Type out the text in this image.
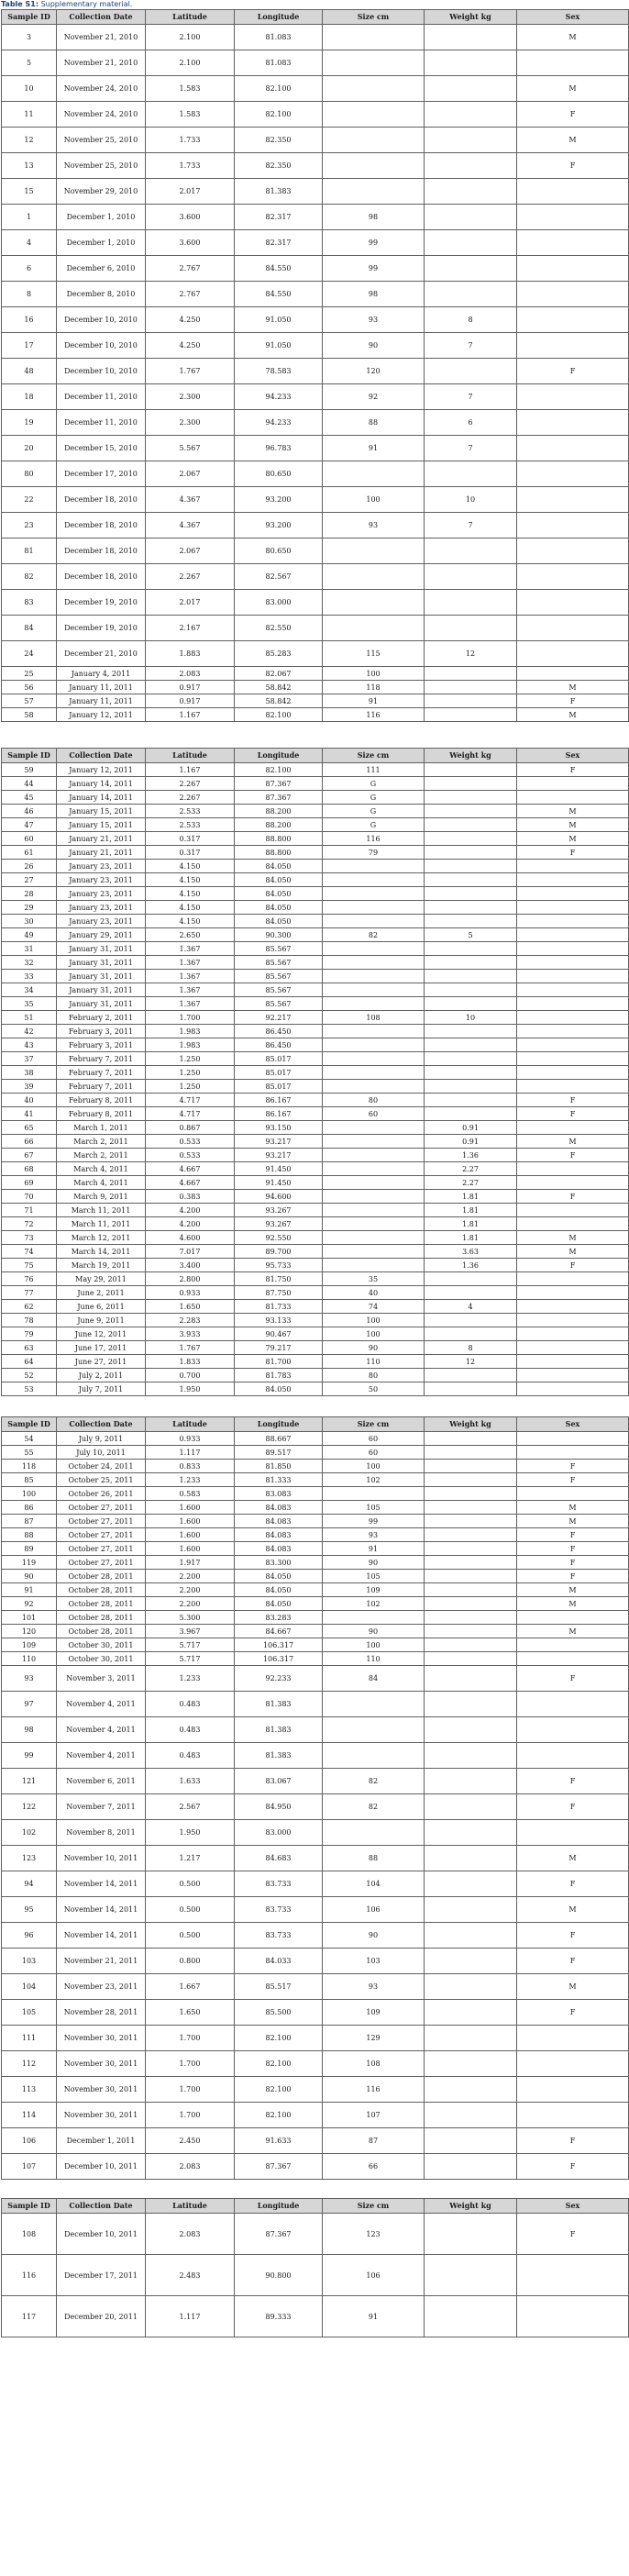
Table S1: Supplementary material.
Sample ID	Collection Date	Latitude	Longitude	Size cm	Weight kg	Sex
3	November 21, 2010	2.100	81.083			M
5	November 21, 2010	2.100	81.083			
10	November 24, 2010	1.583	82.100			M
11	November 24, 2010	1.583	82.100			F
12	November 25, 2010	1.733	82.350			M
13	November 25, 2010	1.733	82.350			F
15	November 29, 2010	2.017	81.383			
1	December 1, 2010	3.600	82.317	98		
4	December 1, 2010	3.600	82.317	99		
6	December 6, 2010	2.767	84.550	99		
8	December 8, 2010	2.767	84.550	98		
16	December 10, 2010	4.250	91.050	93	8	
17	December 10, 2010	4.250	91.050	90	7	
48	December 10, 2010	1.767	78.583	120		F
18	December 11, 2010	2.300	94.233	92	7	
19	December 11, 2010	2.300	94.233	88	6	
20	December 15, 2010	5.567	96.783	91	7	
80	December 17, 2010	2.067	80.650			
22	December 18, 2010	4.367	93.200	100	10	
23	December 18, 2010	4.367	93.200	93	7	
81	December 18, 2010	2.067	80.650			
82	December 18, 2010	2.267	82.567			
83	December 19, 2010	2.017	83.000			
84	December 19, 2010	2.167	82.550			
24	December 21, 2010	1.883	85.283	115	12	
25	January 4, 2011	2.083	82.067	100		
56	January 11, 2011	0.917	58.842	118		M
57	January 11, 2011	0.917	58.842	91		F
58	January 12, 2011	1.167	82.100	116		M
Sample ID	Collection Date	Latitude	Longitude	Size cm	Weight kg	Sex
59	January 12, 2011	1.167	82.100	111		F
44	January 14, 2011	2.267	87.367	G		
45	January 14, 2011	2.267	87.367	G		
46	January 15, 2011	2.533	88.200	G		M
47	January 15, 2011	2.533	88.200	G		M
60	January 21, 2011	0.317	88.800	116		M
61	January 21, 2011	0.317	88.800	79		F
26	January 23, 2011	4.150	84.050			
27	January 23, 2011	4.150	84.050			
28	January 23, 2011	4.150	84.050			
29	January 23, 2011	4.150	84.050			
30	January 23, 2011	4.150	84.050			
49	January 29, 2011	2.650	90.300	82	5	
31	January 31, 2011	1.367	85.567			
32	January 31, 2011	1.367	85.567			
33	January 31, 2011	1.367	85.567			
34	January 31, 2011	1.367	85.567			
35	January 31, 2011	1.367	85.567			
51	February 2, 2011	1.700	92.217	108	10	
42	February 3, 2011	1.983	86.450			
43	February 3, 2011	1.983	86.450			
37	February 7, 2011	1.250	85.017			
38	February 7, 2011	1.250	85.017			
39	February 7, 2011	1.250	85.017			
40	February 8, 2011	4.717	86.167	80		F
41	February 8, 2011	4.717	86.167	60		F
65	March 1, 2011	0.867	93.150		0.91	
66	March 2, 2011	0.533	93.217		0.91	M
67	March 2, 2011	0.533	93.217		1.36	F
68	March 4, 2011	4.667	91.450		2.27	
69	March 4, 2011	4.667	91.450		2.27	
70	March 9, 2011	0.383	94.600		1.81	F
71	March 11, 2011	4.200	93.267		1.81	
72	March 11, 2011	4.200	93.267		1.81	
73	March 12, 2011	4.600	92.550		1.81	M
74	March 14, 2011	7.017	89.700		3.63	M
75	March 19, 2011	3.400	95.733		1.36	F
76	May 29, 2011	2.800	81.750	35		
77	June 2, 2011	0.933	87.750	40		
62	June 6, 2011	1.650	81.733	74	4	
78	June 9, 2011	2.283	93.133	100		
79	June 12, 2011	3.933	90.467	100		
63	June 17, 2011	1.767	79.217	90	8	
64	June 27, 2011	1.833	81.700	110	12	
52	July 2, 2011	0.700	81.783	80		
53	July 7, 2011	1.950	84.050	50		
Sample ID	Collection Date	Latitude	Longitude	Size cm	Weight kg	Sex
54	July 9, 2011	0.933	88.667	60		
55	July 10, 2011	1.117	89.517	60		
118	October 24, 2011	0.833	81.850	100		F
85	October 25, 2011	1.233	81.333	102		F
100	October 26, 2011	0.583	83.083			
86	October 27, 2011	1.600	84.083	105		M
87	October 27, 2011	1.600	84.083	99		M
88	October 27, 2011	1.600	84.083	93		F
89	October 27, 2011	1.600	84.083	91		F
119	October 27, 2011	1.917	83.300	90		F
90	October 28, 2011	2.200	84.050	105		F
91	October 28, 2011	2.200	84.050	109		M
92	October 28, 2011	2.200	84.050	102		M
101	October 28, 2011	5.300	83.283			
120	October 28, 2011	3.967	84.667	90		M
109	October 30, 2011	5.717	106.317	100		
110	October 30, 2011	5.717	106.317	110		
93	November 3, 2011	1.233	92.233	84		F
97	November 4, 2011	0.483	81.383			
98	November 4, 2011	0.483	81.383			
99	November 4, 2011	0.483	81.383			
121	November 6, 2011	1.633	83.067	82		F
122	November 7, 2011	2.567	84.950	82		F
102	November 8, 2011	1.950	83.000			
123	November 10, 2011	1.217	84.683	88		M
94	November 14, 2011	0.500	83.733	104		F
95	November 14, 2011	0.500	83.733	106		M
96	November 14, 2011	0.500	83.733	90		F
103	November 21, 2011	0.800	84.033	103		F
104	November 23, 2011	1.667	85.517	93		M
105	November 28, 2011	1.650	85.500	109		F
111	November 30, 2011	1.700	82.100	129		
112	November 30, 2011	1.700	82.100	108		
113	November 30, 2011	1.700	82.100	116		
114	November 30, 2011	1.700	82.100	107		
106	December 1, 2011	2.450	91.633	87		F
107	December 10, 2011	2.083	87.367	66		F
Sample ID	Collection Date	Latitude	Longitude	Size cm	Weight kg	Sex
108	December 10, 2011	2.083	87.367	123		F
116	December 17, 2011	2.483	90.800	106		
117	December 20, 2011	1.117	89.333	91		
